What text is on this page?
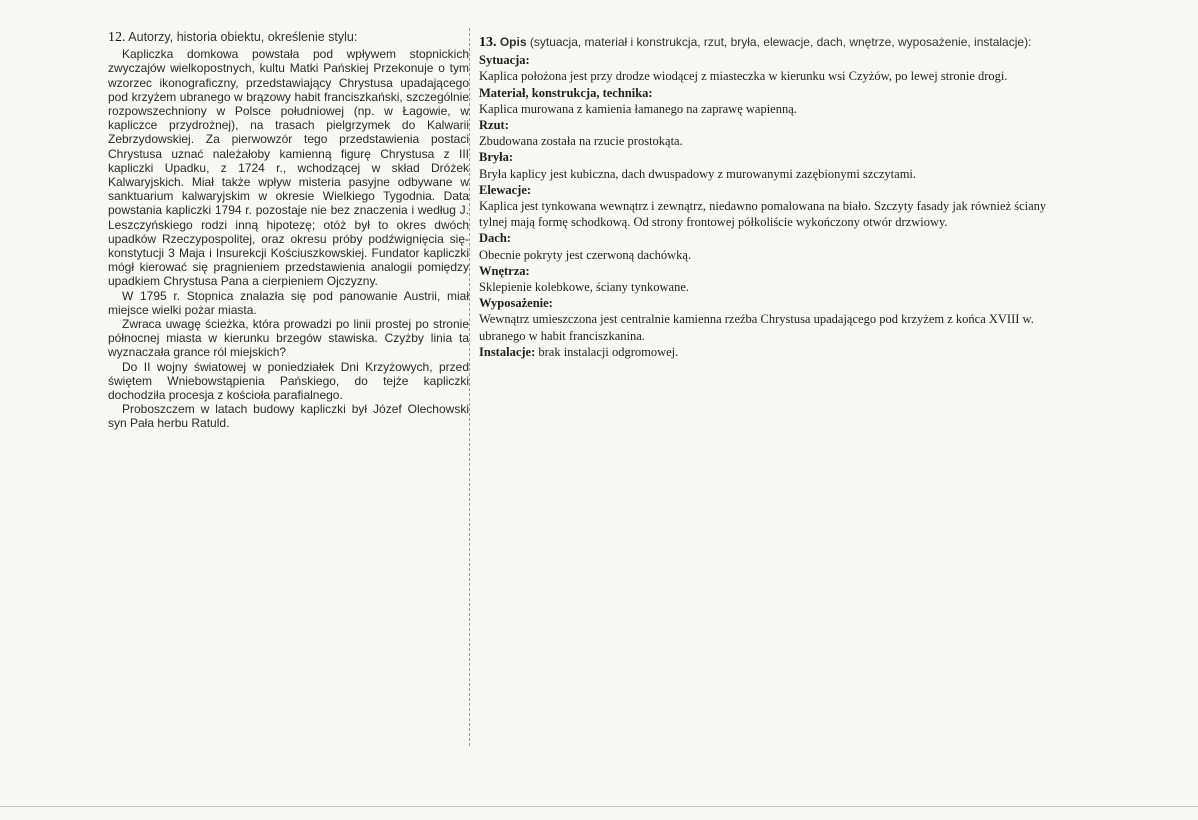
12. Autorzy, historia obiektu, określenie stylu:

Kapliczka domkowa powstała pod wpływem stopnickich zwyczajów wielkopostnych, kultu Matki Pańskiej Przekonuje o tym wzorzec ikonograficzny, przedstawiający Chrystusa upadającego pod krzyżem ubranego w brązowy habit franciszkański, szczególnie rozpowszechniony w Polsce południowej (np. w Łagowie, w kapliczce przydrożnej), na trasach pielgrzymek do Kalwarii Zebrzydowskiej. Za pierwowzór tego przedstawienia postaci Chrystusa uznać należałoby kamienną figurę Chrystusa z III kapliczki Upadku, z 1724 r., wchodzącej w skład Dróżek Kalwaryjskich. Miał także wpływ misteria pasyjne odbywane w sanktuarium kalwaryjskim w okresie Wielkiego Tygodnia. Data powstania kapliczki 1794 r. pozostaje nie bez znaczenia i według J. Leszczyńskiego rodzi inną hipotezę; otóż był to okres dwóch upadków Rzeczypospolitej, oraz okresu próby podźwignięcia się-konstytucji 3 Maja i Insurekcji Kościuszkowskiej. Fundator kapliczki mógł kierować się pragnieniem przedstawienia analogii pomiędzy upadkiem Chrystusa Pana a cierpieniem Ojczyzny.

W 1795 r. Stopnica znalazła się pod panowanie Austrii, miał miejsce wielki pożar miasta.

Zwraca uwagę ścieżka, która prowadzi po linii prostej po stronie północnej miasta w kierunku brzegów stawiska. Czyżby linia ta wyznaczała grance ról miejskich?

Do II wojny światowej w poniedziałek Dni Krzyżowych, przed świętem Wniebowstąpienia Pańskiego, do tejże kapliczki dochodziła procesja z kościoła parafialnego.

Proboszczem w latach budowy kapliczki był Józef Olechowski syn Pała herbu Ratuld.

13. Opis (sytuacja, materiał i konstrukcja, rzut, bryła, elewacje, dach, wnętrze, wyposażenie, instalacje):
Sytuacja:
Kaplica położona jest przy drodze wiodącej z miasteczka w kierunku wsi Czyżów, po lewej stronie drogi.
Materiał, konstrukcja, technika:
Kaplica murowana z kamienia łamanego na zaprawę wapienną.
Rzut:
Zbudowana została na rzucie prostokąta.
Bryła:
Bryła kaplicy jest kubiczna, dach dwuspadowy z murowanymi zazębionymi szczytami.
Elewacje:
Kaplica jest tynkowana wewnątrz i zewnątrz, niedawno pomalowana na biało. Szczyty fasady jak również ściany tylnej mają formę schodkową. Od strony frontowej półkoliście wykończony otwór drzwiowy.
Dach:
Obecnie pokryty jest czerwoną dachówką.
Wnętrza:
Sklepienie kolebkowe, ściany tynkowane.
Wyposażenie:
Wewnątrz umieszczona jest centralnie kamienna rzeźba Chrystusa upadającego pod krzyżem z końca XVIII w.
ubranego w habit franciszkanina.
Instalacje: brak instalacji odgromowej.
